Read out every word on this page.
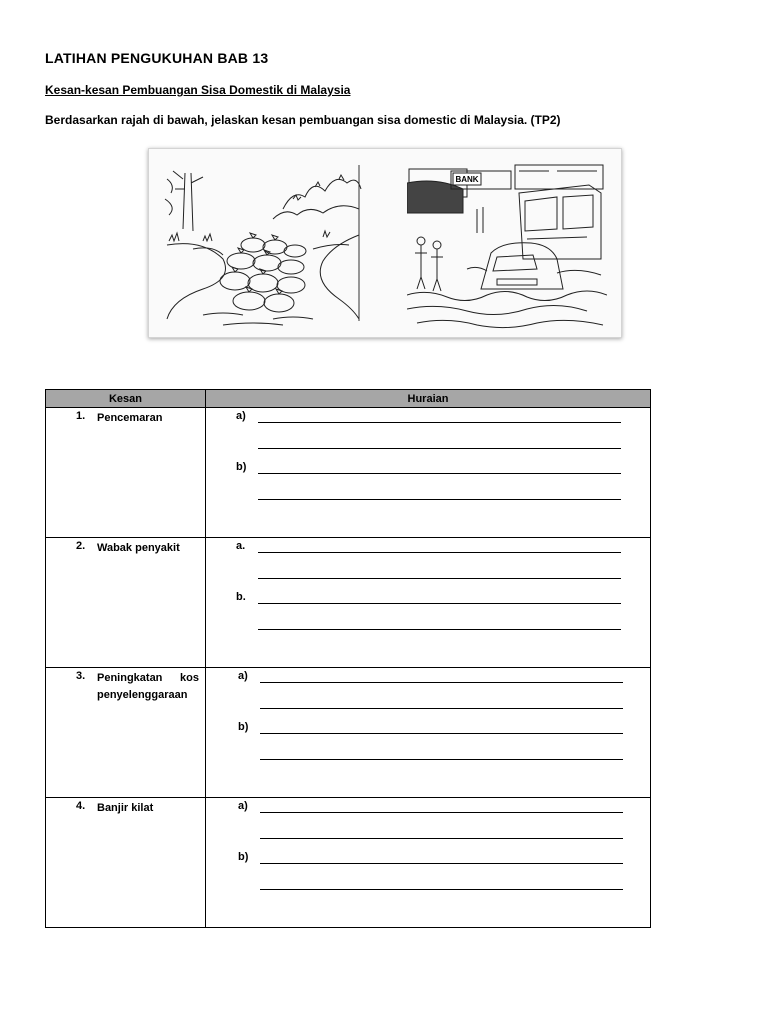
LATIHAN PENGUKUHAN BAB 13
Kesan-kesan Pembuangan Sisa Domestik di Malaysia
Berdasarkan rajah di bawah, jelaskan kesan pembuangan sisa domestic di Malaysia. (TP2)
BANK
Kesan	Huraian

1. Pencemaran	a)
b)

2. Wabak penyakit	a.
b.

3. Peningkatan kos
penyelenggaraan	a)
b)

4. Banjir kilat	a)
b)
